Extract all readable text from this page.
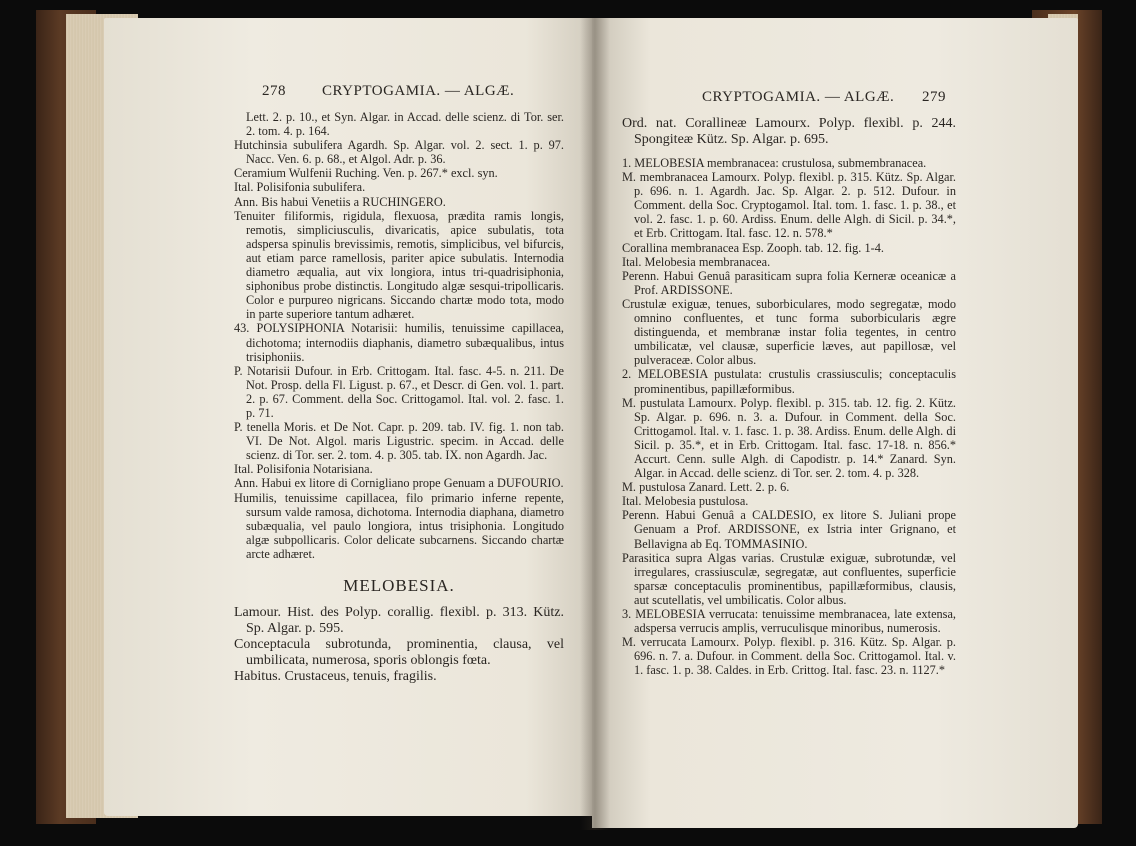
278 CRYPTOGAMIA. — ALGÆ.

Lett. 2. p. 10., et Syn. Algar. in Accad. delle scienz. di Tor. ser. 2. tom. 4. p. 164.

Hutchinsia subulifera Agardh. Sp. Algar. vol. 2. sect. 1. p. 97. Nacc. Ven. 6. p. 68., et Algol. Adr. p. 36.

Ceramium Wulfenii Ruching. Ven. p. 267.* excl. syn.

Ital. Polisifonia subulifera.

Ann. Bis habui Venetiis a RUCHINGERO.

Tenuiter filiformis, rigidula, flexuosa, prædita ramis longis, remotis, simpliciusculis, divaricatis, apice subulatis, tota adspersa spinulis brevissimis, remotis, simplicibus, vel bifurcis, aut etiam parce ramellosis, pariter apice subulatis. Internodia diametro æqualia, aut vix longiora, intus tri-quadrisiphonia, siphonibus probe distinctis. Longitudo algæ sesqui-tripollicaris. Color e purpureo nigricans. Siccando chartæ modo tota, modo in parte superiore tantum adhæret.

43. POLYSIPHONIA Notarisii: humilis, tenuissime capillacea, dichotoma; internodiis diaphanis, diametro subæqualibus, intus trisiphoniis.

P. Notarisii Dufour. in Erb. Crittogam. Ital. fasc. 4-5. n. 211. De Not. Prosp. della Fl. Ligust. p. 67., et Descr. di Gen. vol. 1. part. 2. p. 67. Comment. della Soc. Crittogamol. Ital. vol. 2. fasc. 1. p. 71.

P. tenella Moris. et De Not. Capr. p. 209. tab. IV. fig. 1. non tab. VI. De Not. Algol. maris Ligustric. specim. in Accad. delle scienz. di Tor. ser. 2. tom. 4. p. 305. tab. IX. non Agardh. Jac.

Ital. Polisifonia Notarisiana.

Ann. Habui ex litore di Cornigliano prope Genuam a DUFOURIO.

Humilis, tenuissime capillacea, filo primario inferne repente, sursum valde ramosa, dichotoma. Internodia diaphana, diametro subæqualia, vel paulo longiora, intus trisiphonia. Longitudo algæ subpollicaris. Color delicate subcarnens. Siccando chartæ arcte adhæret.

MELOBESIA.

Lamour. Hist. des Polyp. corallig. flexibl. p. 313. Kütz. Sp. Algar. p. 595.

Conceptacula subrotunda, prominentia, clausa, vel umbilicata, numerosa, sporis oblongis fœta.

Habitus. Crustaceus, tenuis, fragilis.

CRYPTOGAMIA. — ALGÆ. 279

Ord. nat. Corallineæ Lamourx. Polyp. flexibl. p. 244. Spongiteæ Kütz. Sp. Algar. p. 695.

1. MELOBESIA membranacea: crustulosa, submembranacea.

M. membranacea Lamourx. Polyp. flexibl. p. 315. Kütz. Sp. Algar. p. 696. n. 1. Agardh. Jac. Sp. Algar. 2. p. 512. Dufour. in Comment. della Soc. Cryptogamol. Ital. tom. 1. fasc. 1. p. 38., et vol. 2. fasc. 1. p. 60. Ardiss. Enum. delle Algh. di Sicil. p. 34.*, et Erb. Crittogam. Ital. fasc. 12. n. 578.*

Corallina membranacea Esp. Zooph. tab. 12. fig. 1-4.

Ital. Melobesia membranacea.

Perenn. Habui Genuâ parasiticam supra folia Kerneræ oceanicæ a Prof. ARDISSONE.

Crustulæ exiguæ, tenues, suborbiculares, modo segregatæ, modo omnino confluentes, et tunc forma suborbicularis ægre distinguenda, et membranæ instar folia tegentes, in centro umbilicatæ, vel clausæ, superficie læves, aut papillosæ, vel pulveraceæ. Color albus.

2. MELOBESIA pustulata: crustulis crassiusculis; conceptaculis prominentibus, papillæformibus.

M. pustulata Lamourx. Polyp. flexibl. p. 315. tab. 12. fig. 2. Kütz. Sp. Algar. p. 696. n. 3. a. Dufour. in Comment. della Soc. Crittogamol. Ital. v. 1. fasc. 1. p. 38. Ardiss. Enum. delle Algh. di Sicil. p. 35.*, et in Erb. Crittogam. Ital. fasc. 17-18. n. 856.* Accurt. Cenn. sulle Algh. di Capodistr. p. 14.* Zanard. Syn. Algar. in Accad. delle scienz. di Tor. ser. 2. tom. 4. p. 328.

M. pustulosa Zanard. Lett. 2. p. 6.

Ital. Melobesia pustulosa.

Perenn. Habui Genuâ a CALDESIO, ex litore S. Juliani prope Genuam a Prof. ARDISSONE, ex Istria inter Grignano, et Bellavigna ab Eq. TOMMASINIO.

Parasitica supra Algas varias. Crustulæ exiguæ, subrotundæ, vel irregulares, crassiusculæ, segregatæ, aut confluentes, superficie sparsæ conceptaculis prominentibus, papillæformibus, clausis, aut scutellatis, vel umbilicatis. Color albus.

3. MELOBESIA verrucata: tenuissime membranacea, late extensa, adspersa verrucis amplis, verruculisque minoribus, numerosis.

M. verrucata Lamourx. Polyp. flexibl. p. 316. Kütz. Sp. Algar. p. 696. n. 7. a. Dufour. in Comment. della Soc. Crittogamol. Ital. v. 1. fasc. 1. p. 38. Caldes. in Erb. Crittog. Ital. fasc. 23. n. 1127.*
